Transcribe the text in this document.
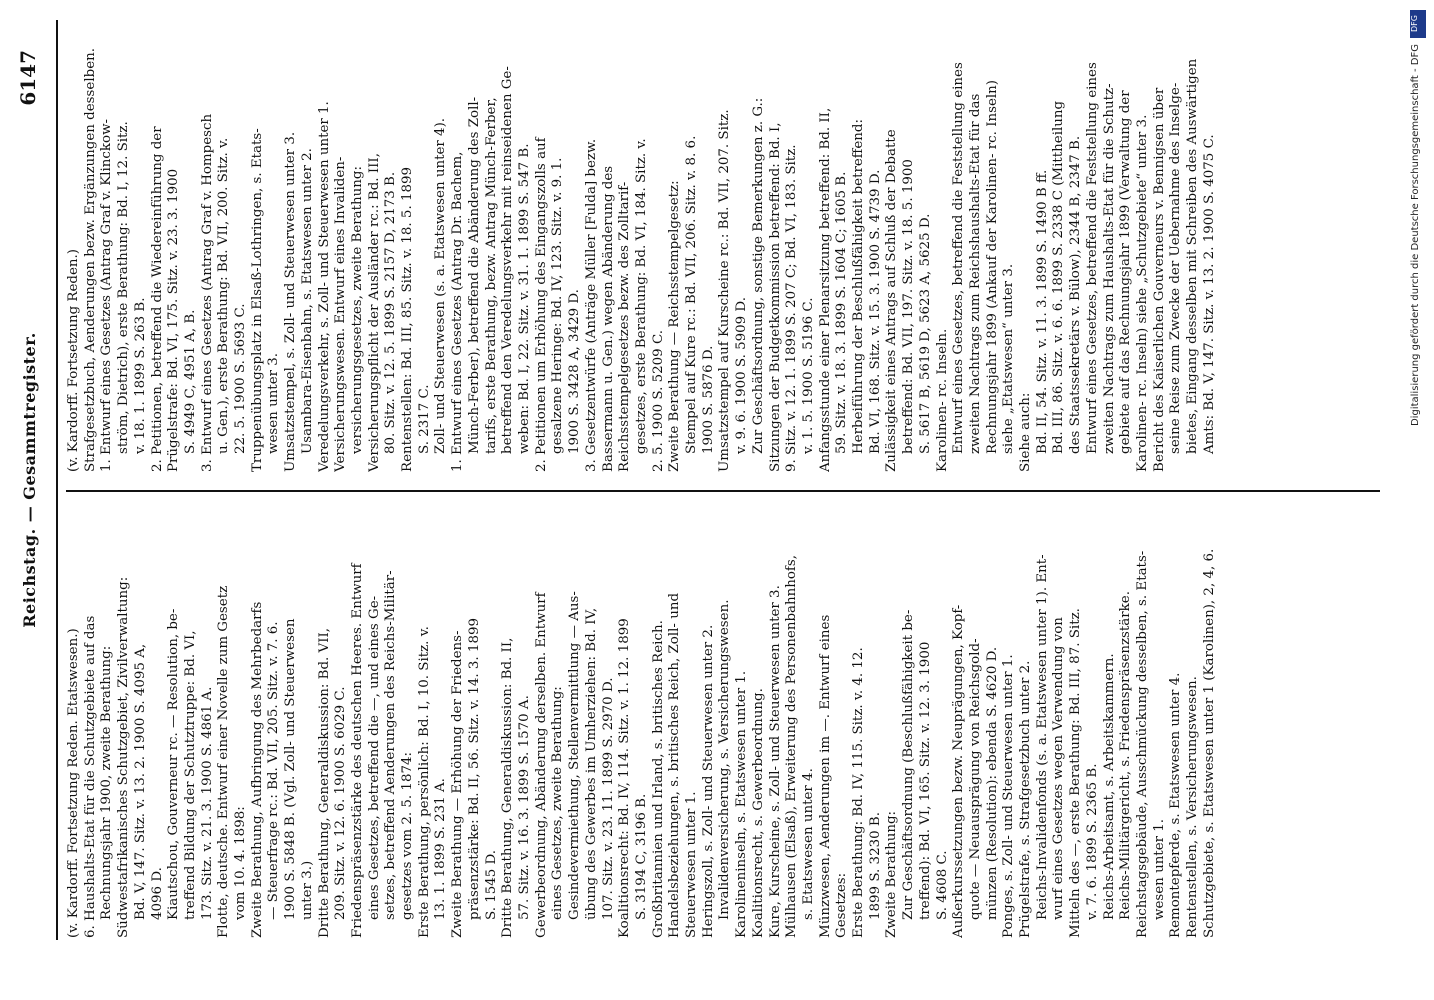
Reichstag. — Gesammtregister.
6147
(v. Kardorff. Fortsetzung Reden. Etatswesen.) 6. Haushalts-Etat für die Schutzgebiete auf das Rechnungsjahr 1900, zweite Berathung: Südwestafrikanisches Schutzgebiet, Zivilverwaltung: Bd. V, 147. Sitz. v. 13. 2. 1900 S. 4095 A, 4096 D. Kiautschou, Gouverneur rc. — Resolution, be- treffend Bildung der Schutztruppe: Bd. VI, 173. Sitz. v. 21. 3. 1900 S. 4861 A. Flotte, deutsche. Entwurf einer Novelle zum Gesetz vom 10. 4. 1898: Zweite Berathung, Aufbringung des Mehrbedarfs — Steuerfrage rc.: Bd. VII, 205. Sitz. v. 7. 6. 1900 S. 5848 B. (Vgl. Zoll- und Steuerwesen unter 3.) Dritte Berathung, Generaldiskussion: Bd. VII, 209. Sitz. v. 12. 6. 1900 S. 6029 C. Friedenspräsenzstärke des deutschen Heeres. Entwurf eines Gesetzes, betreffend die —, und eines Ge- setzes, betreffend Aenderungen des Reichs-Militär- gesetzes vom 2. 5. 1874: Erste Berathung, persönlich: Bd. I, 10. Sitz. v. 13. 1. 1899 S. 231 A. Zweite Berathung — Erhöhung der Friedens- präsenzstärke: Bd. II, 56. Sitz. v. 14. 3. 1899 S. 1545 D. Dritte Berathung, Generaldiskussion: Bd. II, 57. Sitz. v. 16. 3. 1899 S. 1570 A. Gewerbeordnung, Abänderung derselben. Entwurf eines Gesetzes, zweite Berathung: Gesindevermiethung, Stellenvermittlung — Aus- übung des Gewerbes im Umherziehen: Bd. IV, 107. Sitz. v. 23. 11. 1899 S. 2970 D. Koalitionsrecht: Bd. IV, 114. Sitz. v. 1. 12. 1899 S. 3194 C, 3196 B. Großbritannien und Irland, s. britisches Reich. Handelsbeziehungen, s. britisches Reich, Zoll- und Steuerwesen unter 1. Heringszoll, s. Zoll- und Steuerwesen unter 2. Invalidenversicherung, s. Versicherungswesen. Karolineninseln, s. Etatswesen unter 1. Koalitionsrecht, s. Gewerbeordnung. Kure, Kurscheine, s. Zoll- und Steuerwesen unter 3. Mülhausen (Elsaß), Erweiterung des Personenbahnhofs, s. Etatswesen unter 4. Münzwesen, Aenderungen im —. Entwurf eines Gesetzes: Erste Berathung: Bd. IV, 115. Sitz. v. 4. 12. 1899 S. 3230 B. Zweite Berathung: Zur Geschäftsordnung (Beschlußfähigkeit be- treffend): Bd. VI, 165. Sitz. v. 12. 3. 1900 S. 4608 C. Außerkurssetzungen bezw. Neuprägungen, Kopf- quote — Neuausprägung von Reichsgold- münzen (Resolution): ebenda S. 4620 D. Ponges, s. Zoll- und Steuerwesen unter 1. Prügelstrafe, s. Strafgesetzbuch unter 2. Reichs-Invalidenfonds (s. a. Etatswesen unter 1). Ent- wurf eines Gesetzes wegen Verwendung von Mitteln des —, erste Berathung: Bd. III, 87. Sitz. v. 7. 6. 1899 S. 2365 B. Reichs-Arbeitsamt, s. Arbeitskammern. Reichs-Militärgericht, s. Friedenspräsenzstärke. Reichstagsgebäude, Ausschmückung desselben, s. Etats- wesen unter 1. Remontepferde, s. Etatswesen unter 4. Rentenstellen, s. Versicherungswesen. Schutzgebiete, s. Etatswesen unter 1 (Karolinen), 2, 4, 6.
(v. Kardorff. Fortsetzung Reden.) Strafgesetzbuch, Aenderungen bezw. Ergänzungen desselben. 1. Entwurf eines Gesetzes (Antrag Graf v. Klinckow- ström, Dietrich), erste Berathung: Bd. I, 12. Sitz. v. 18. 1. 1899 S. 263 B. 2. Petitionen, betreffend die Wiedereinführung der Prügelstrafe: Bd. VI, 175. Sitz. v. 23. 3. 1900 S. 4949 C, 4951 A, B. 3. Entwurf eines Gesetzes (Antrag Graf v. Hompesch u. Gen.), erste Berathung: Bd. VII, 200. Sitz. v. 22. 5. 1900 S. 5693 C. Truppenübungsplatz in Elsaß-Lothringen, s. Etats- wesen unter 3. Umsatzstempel, s. Zoll- und Steuerwesen unter 3. Usambara-Eisenbahn, s. Etatswesen unter 2. Veredelungsverkehr, s. Zoll- und Steuerwesen unter 1. Versicherungswesen. Entwurf eines Invaliden- versicherungsgesetzes, zweite Berathung: Versicherungspflicht der Ausländer rc.: Bd. III, 80. Sitz. v. 12. 5. 1899 S. 2157 D, 2173 B. Rentenstellen: Bd. III, 85. Sitz. v. 18. 5. 1899 S. 2317 C. Zoll- und Steuerwesen (s. a. Etatswesen unter 4). 1. Entwurf eines Gesetzes (Antrag Dr. Bachem, Münch-Ferber), betreffend die Abänderung des Zoll- tarifs, erste Berathung, bezw. Antrag Münch-Ferber, betreffend den Veredelungsverkehr mit reinseidenen Ge- weben: Bd. I, 22. Sitz. v. 31. 1. 1899 S. 547 B. 2. Petitionen um Erhöhung des Eingangszolls auf gesalzene Heringe: Bd. IV, 123. Sitz. v. 9. 1. 1900 S. 3428 A, 3429 D. 3. Gesetzentwürfe (Anträge Müller [Fulda] bezw. Bassermann u. Gen.) wegen Abänderung des Reichsstempelgesetzes bezw. des Zolltarif- gesetzes, erste Berathung: Bd. VI, 184. Sitz. v. 2. 5. 1900 S. 5209 C. Zweite Berathung — Reichsstempelgesetz: Stempel auf Kure rc.: Bd. VII, 206. Sitz. v. 8. 6. 1900 S. 5876 D. Umsatzstempel auf Kurscheine rc.: Bd. VII, 207. Sitz. v. 9. 6. 1900 S. 5909 D. Zur Geschäftsordnung, sonstige Bemerkungen z. G.: Sitzungen der Budgetkommission betreffend: Bd. I, 9. Sitz. v. 12. 1. 1899 S. 207 C; Bd. VI, 183. Sitz. v. 1. 5. 1900 S. 5196 C. Anfangsstunde einer Plenarsitzung betreffend: Bd. II, 59. Sitz. v. 18. 3. 1899 S. 1604 C; 1605 B. Herbeiführung der Beschlußfähigkeit betreffend: Bd. VI, 168. Sitz. v. 15. 3. 1900 S. 4739 D. Zulässigkeit eines Antrags auf Schluß der Debatte betreffend: Bd. VII, 197. Sitz. v. 18. 5. 1900 S. 5617 B, 5619 D, 5623 A, 5625 D. Karolinen- rc. Inseln. Entwurf eines Gesetzes, betreffend die Feststellung eines zweiten Nachtrags zum Reichshaushalts-Etat für das Rechnungsjahr 1899 (Ankauf der Karolinen- rc. Inseln) siehe „Etatswesen“ unter 3. Siehe auch: Bd. II, 54. Sitz. v. 11. 3. 1899 S. 1490 B ff. Bd. III, 86. Sitz. v. 6. 6. 1899 S. 2338 C (Mittheilung des Staatssekretärs v. Bülow), 2344 B, 2347 B. Entwurf eines Gesetzes, betreffend die Feststellung eines zweiten Nachtrags zum Haushalts-Etat für die Schutz- gebiete auf das Rechnungsjahr 1899 (Verwaltung der Karolinen- rc. Inseln) siehe „Schutzgebiete“ unter 3. Bericht des Kaiserlichen Gouverneurs v. Bennigsen über seine Reise zum Zwecke der Uebernahme des Inselge- bietes, Eingang desselben mit Schreiben des Auswärtigen Amts: Bd. V, 147. Sitz. v. 13. 2. 1900 S. 4075 C.
DFG
Digitalisierung gefördert durch die Deutsche Forschungsgemeinschaft ‑ DFG
